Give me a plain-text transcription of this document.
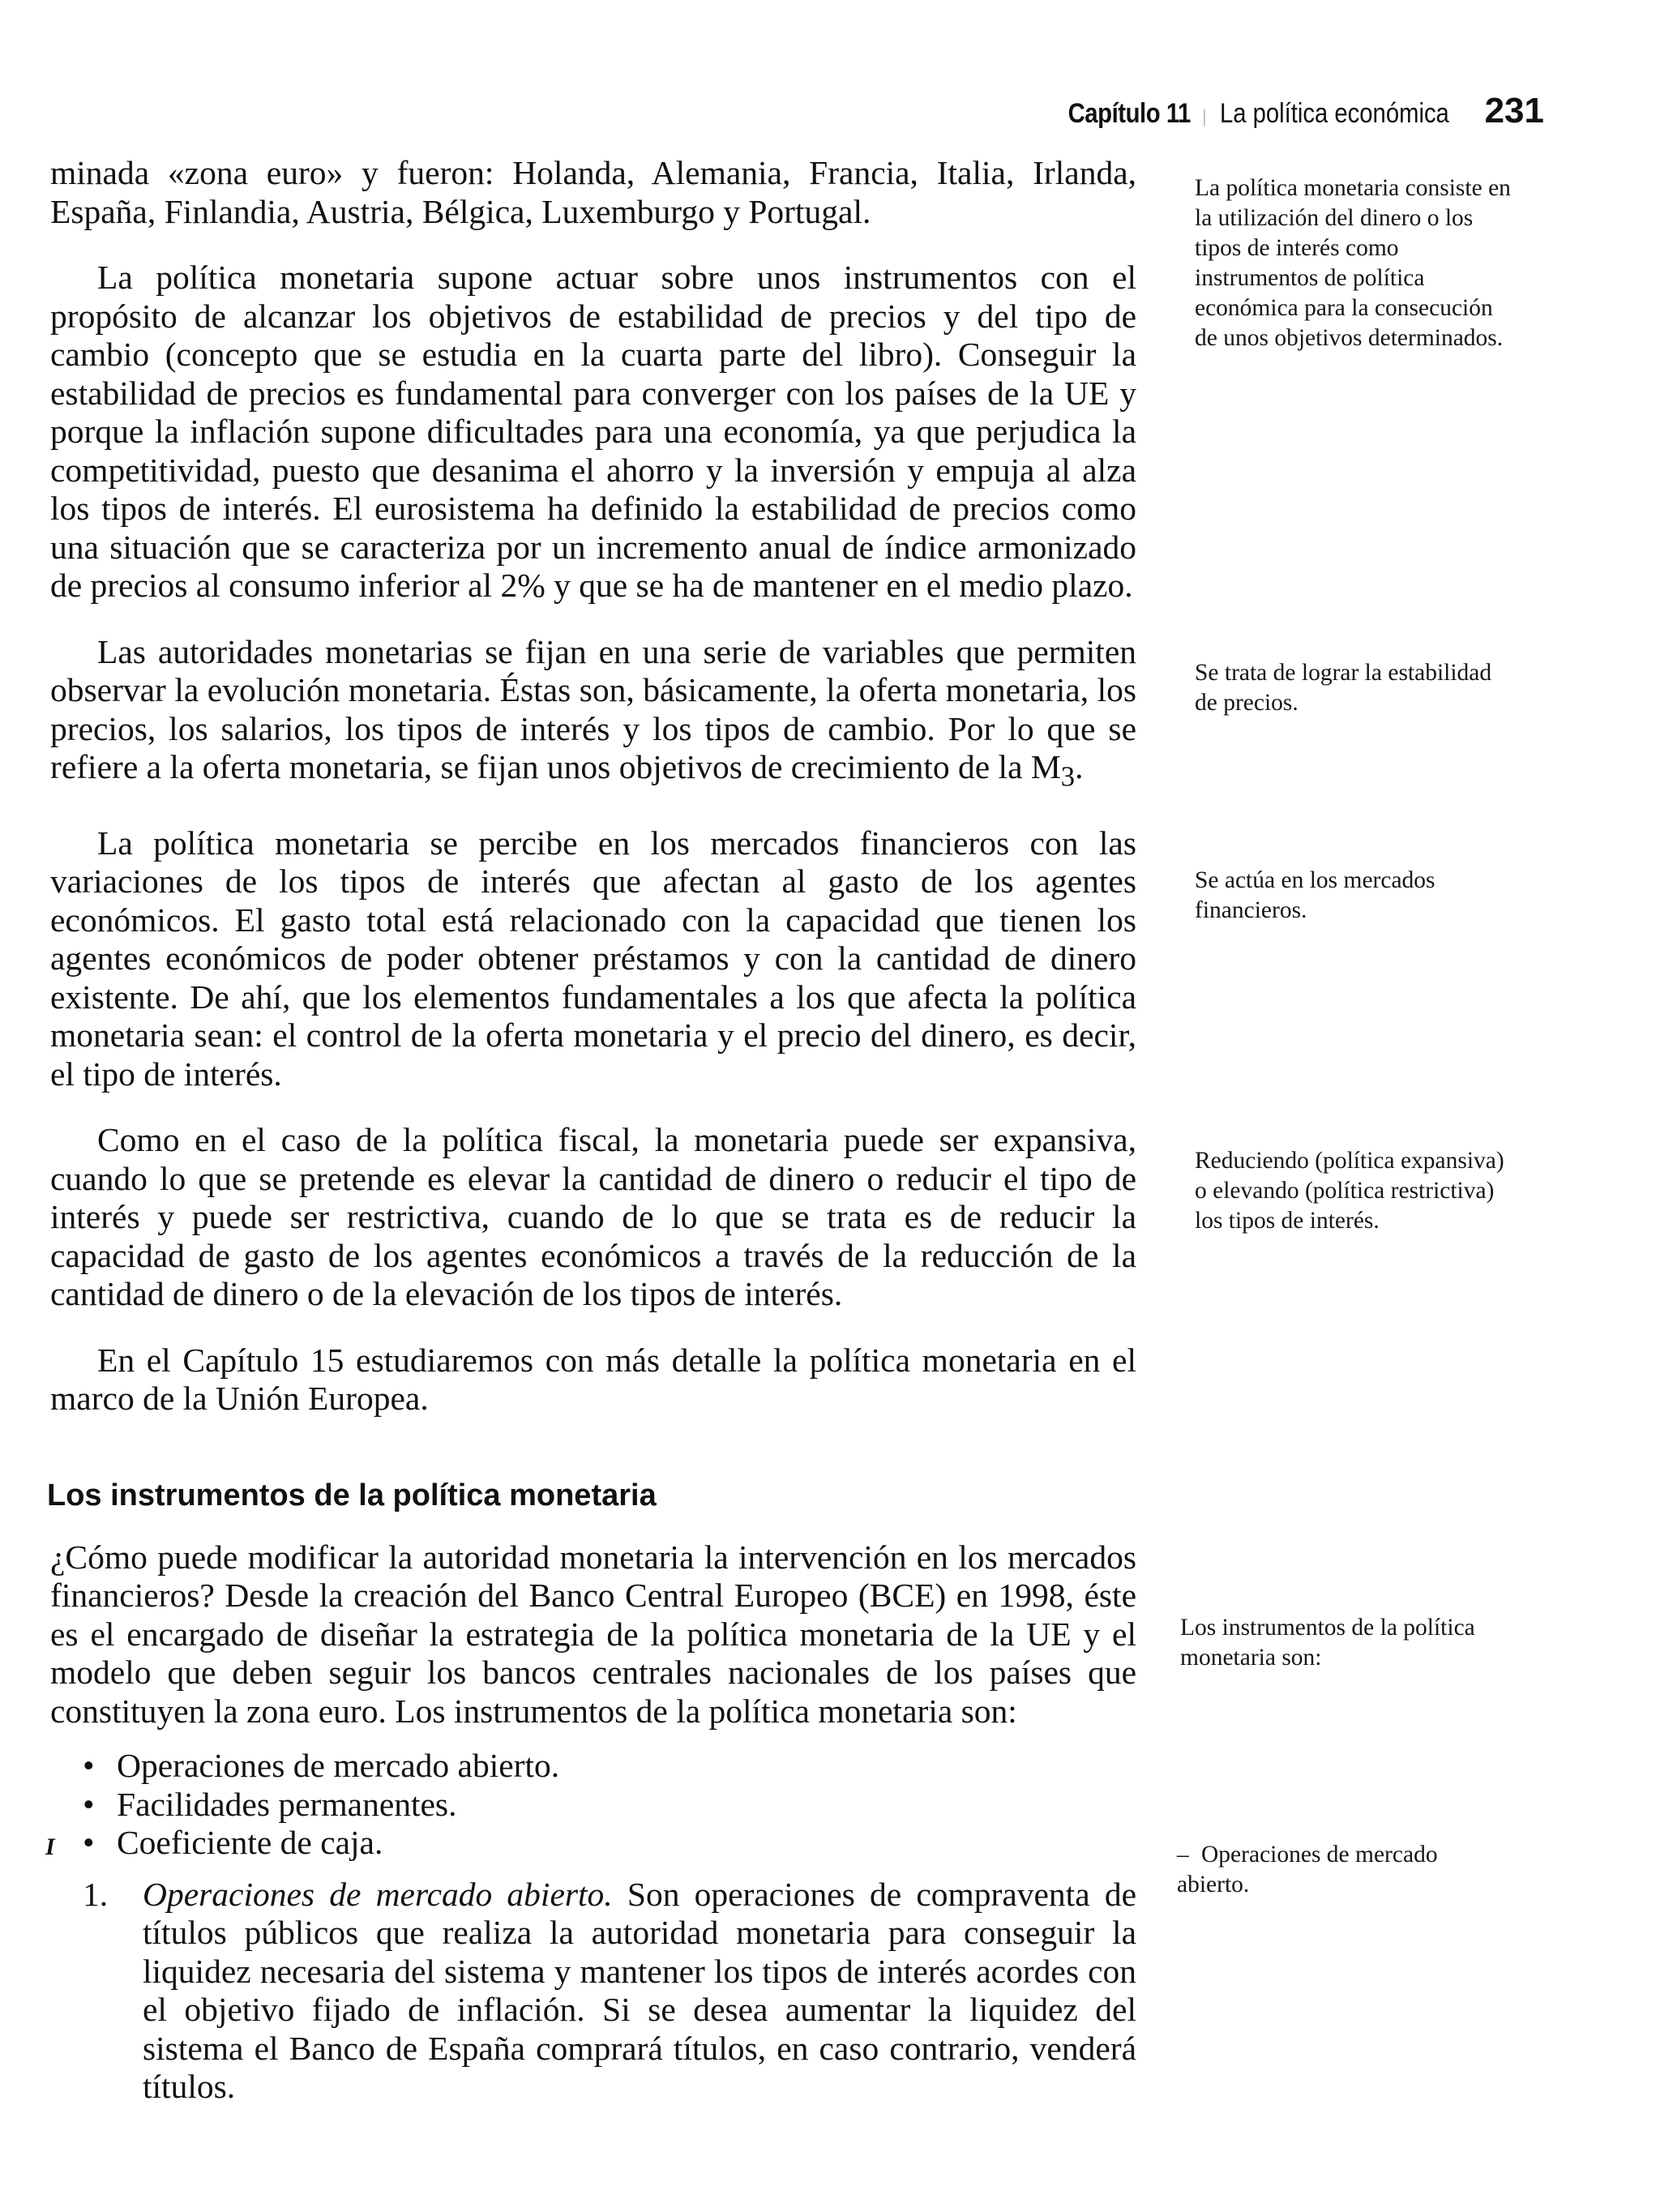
Capítulo 11 | La política económica 231

minada «zona euro» y fueron: Holanda, Alemania, Francia, Italia, Irlanda, España, Finlandia, Austria, Bélgica, Luxemburgo y Portugal.

La política monetaria supone actuar sobre unos instrumentos con el propósito de alcanzar los objetivos de estabilidad de precios y del tipo de cambio (concepto que se estudia en la cuarta parte del libro). Conseguir la estabilidad de precios es fundamental para converger con los países de la UE y porque la inflación supone dificultades para una economía, ya que perjudica la competitividad, puesto que desanima el ahorro y la inversión y empuja al alza los tipos de interés. El eurosistema ha definido la estabilidad de precios como una situación que se caracteriza por un incremento anual de índice armonizado de precios al consumo inferior al 2% y que se ha de mantener en el medio plazo.

Las autoridades monetarias se fijan en una serie de variables que permiten observar la evolución monetaria. Éstas son, básicamente, la oferta monetaria, los precios, los salarios, los tipos de interés y los tipos de cambio. Por lo que se refiere a la oferta monetaria, se fijan unos objetivos de crecimiento de la $M_3$.

La política monetaria se percibe en los mercados financieros con las variaciones de los tipos de interés que afectan al gasto de los agentes económicos. El gasto total está relacionado con la capacidad que tienen los agentes económicos de poder obtener préstamos y con la cantidad de dinero existente. De ahí, que los elementos fundamentales a los que afecta la política monetaria sean: el control de la oferta monetaria y el precio del dinero, es decir, el tipo de interés.

Como en el caso de la política fiscal, la monetaria puede ser expansiva, cuando lo que se pretende es elevar la cantidad de dinero o reducir el tipo de interés y puede ser restrictiva, cuando de lo que se trata es de reducir la capacidad de gasto de los agentes económicos a través de la reducción de la cantidad de dinero o de la elevación de los tipos de interés.

En el Capítulo 15 estudiaremos con más detalle la política monetaria en el marco de la Unión Europea.

Los instrumentos de la política monetaria

¿Cómo puede modificar la autoridad monetaria la intervención en los mercados financieros? Desde la creación del Banco Central Europeo (BCE) en 1998, éste es el encargado de diseñar la estrategia de la política monetaria de la UE y el modelo que deben seguir los bancos centrales nacionales de los países que constituyen la zona euro. Los instrumentos de la política monetaria son:

• Operaciones de mercado abierto.
• Facilidades permanentes.
• Coeficiente de caja.
1. Operaciones de mercado abierto. Son operaciones de compraventa de títulos públicos que realiza la autoridad monetaria para conseguir la liquidez necesaria del sistema y mantener los tipos de interés acordes con el objetivo fijado de inflación. Si se desea aumentar la liquidez del sistema el Banco de España comprará títulos, en caso contrario, venderá títulos.
I
La política monetaria consiste en la utilización del dinero o los tipos de interés como instrumentos de política económica para la consecución de unos objetivos determinados.
Se trata de lograr la estabilidad de precios.
Se actúa en los mercados financieros.
Reduciendo (política expansiva) o elevando (política restrictiva) los tipos de interés.
Los instrumentos de la política monetaria son:
– Operaciones de mercado abierto.
